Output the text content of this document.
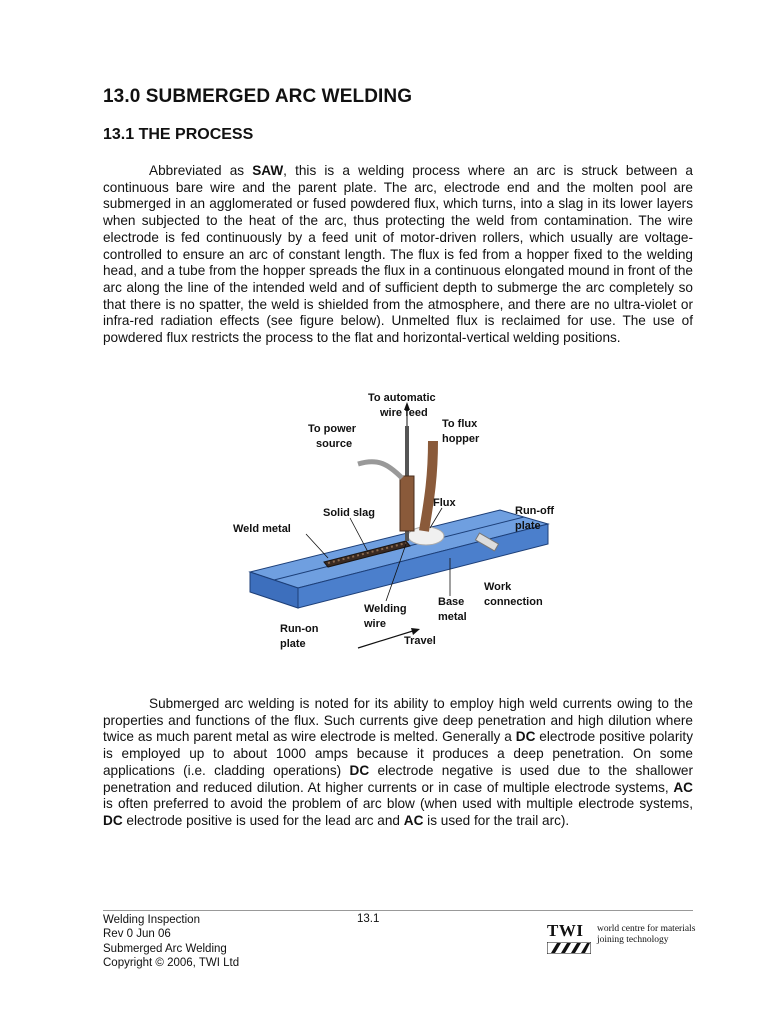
13.0 SUBMERGED ARC WELDING
13.1 THE PROCESS

Abbreviated as SAW, this is a welding process where an arc is struck between a continuous bare wire and the parent plate. The arc, electrode end and the molten pool are submerged in an agglomerated or fused powdered flux, which turns, into a slag in its lower layers when subjected to the heat of the arc, thus protecting the weld from contamination. The wire electrode is fed continuously by a feed unit of motor-driven rollers, which usually are voltage-controlled to ensure an arc of constant length. The flux is fed from a hopper fixed to the welding head, and a tube from the hopper spreads the flux in a continuous elongated mound in front of the arc along the line of the intended weld and of sufficient depth to submerge the arc completely so that there is no spatter, the weld is shielded from the atmosphere, and there are no ultra-violet or infra-red radiation effects (see figure below). Unmelted flux is reclaimed for use. The use of powdered flux restricts the process to the flat and horizontal-vertical welding positions.

To automatic
wire feed
To power
source
To flux
hopper
Solid slag
Flux
Weld metal
Run-off
plate
Work
connection
Welding
wire
Base
metal
Run-on
plate	Travel

Submerged arc welding is noted for its ability to employ high weld currents owing to the properties and functions of the flux. Such currents give deep penetration and high dilution where twice as much parent metal as wire electrode is melted. Generally a DC electrode positive polarity is employed up to about 1000 amps because it produces a deep penetration. On some applications (i.e. cladding operations) DC electrode negative is used due to the shallower penetration and reduced dilution. At higher currents or in case of multiple electrode systems, AC is often preferred to avoid the problem of arc blow (when used with multiple electrode systems, DC electrode positive is used for the lead arc and AC is used for the trail arc).

Welding Inspection
Rev 0 Jun 06
Submerged Arc Welding
Copyright © 2006, TWI Ltd
13.1
TWI world centre for materials
joining technology
